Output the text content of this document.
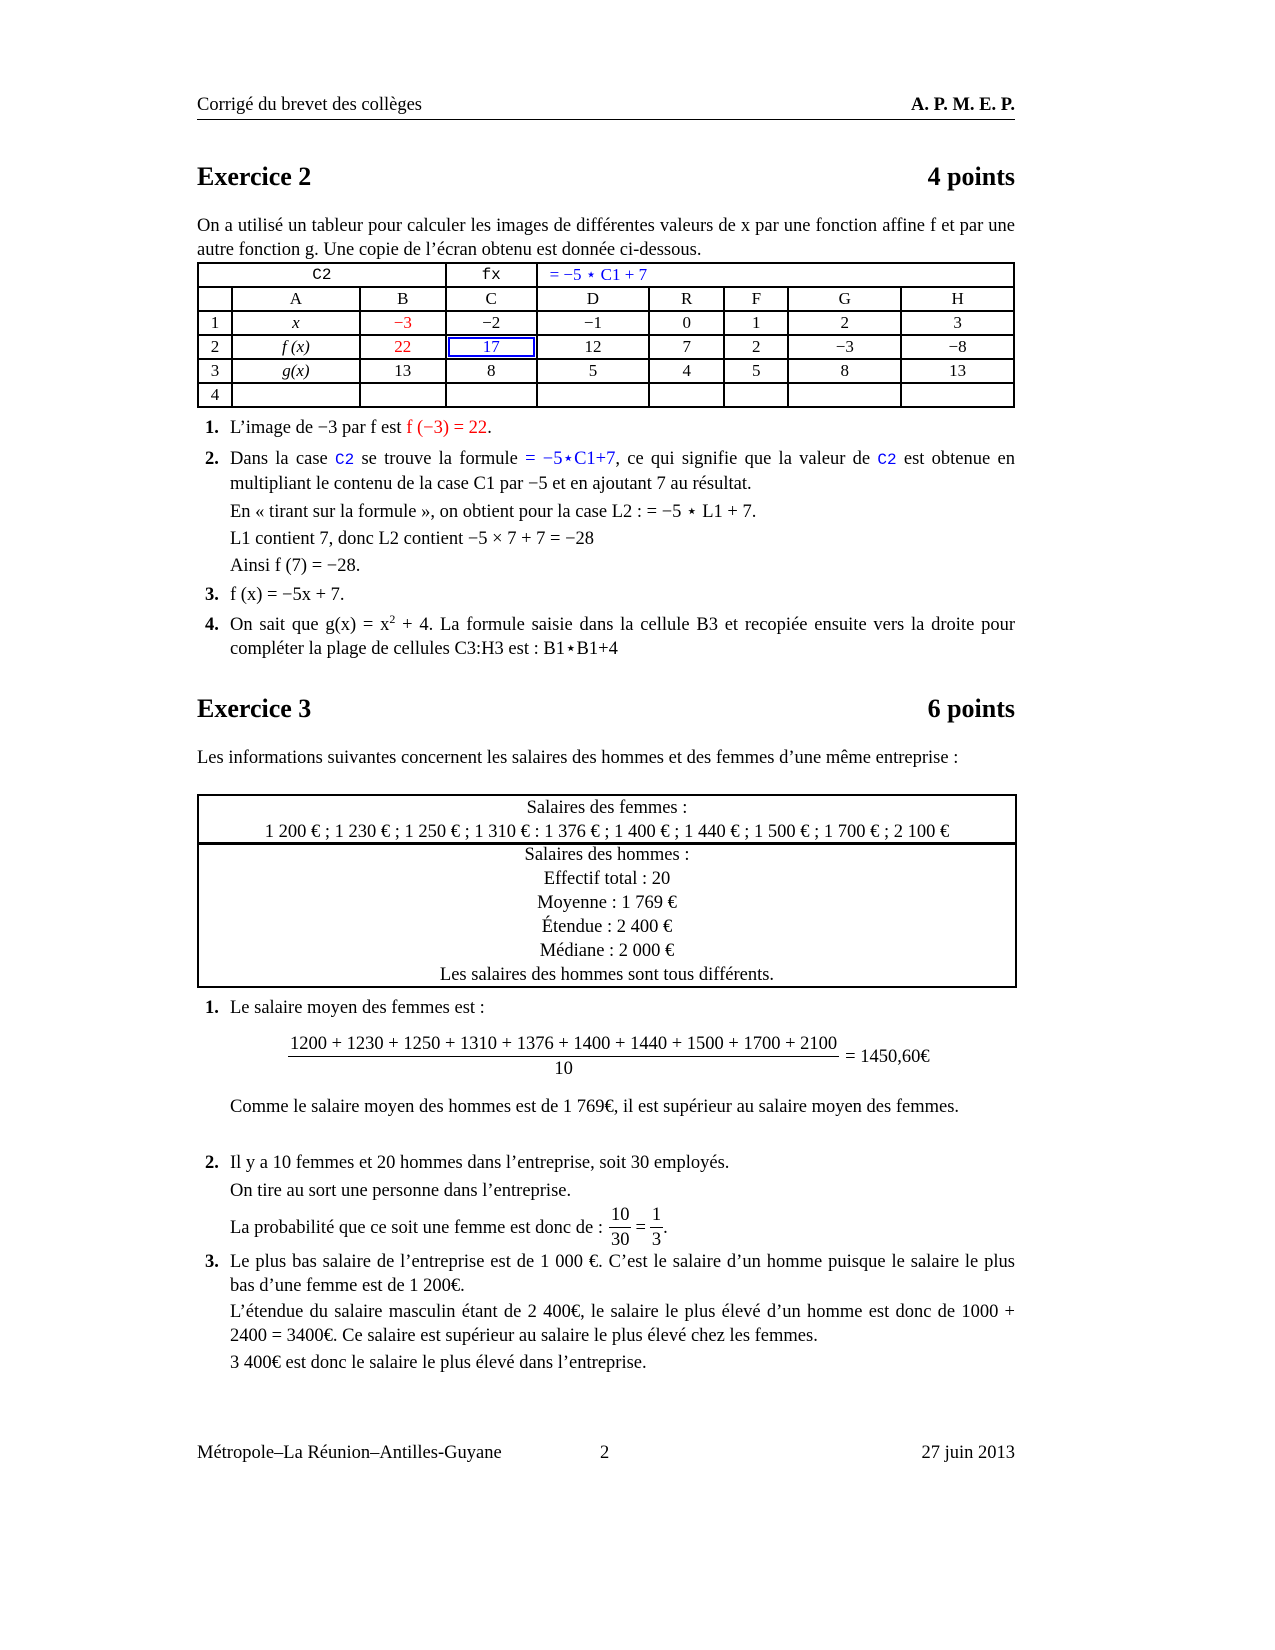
Corrigé du brevet des collèges	A. P. M. E. P.
Exercice 2	4 points
On a utilisé un tableur pour calculer les images de différentes valeurs de x par une fonction affine f et par une autre fonction g. Une copie de l’écran obtenu est donnée ci-dessous.
C2			fx	= −5 ⋆ C1 + 7				
	A	B	C	D	R	F	G	H
1	x	−3	−2	−1	0	1	2	3
2	f (x)	22	17	12	7	2	−3	−8
3	g(x)	13	8	5	4	5	8	13
4								
1. L’image de −3 par f est f (−3) = 22.
2. Dans la case C2 se trouve la formule = −5⋆C1+7, ce qui signifie que la valeur de C2 est obtenue en multipliant le contenu de la case C1 par −5 et en ajoutant 7 au résultat.
En « tirant sur la formule », on obtient pour la case L2 : = −5 ⋆ L1 + 7.
L1 contient 7, donc L2 contient −5 × 7 + 7 = −28
Ainsi f (7) = −28.
3. f (x) = −5x + 7.
4. On sait que $g(x) = x^2 + 4$. La formule saisie dans la cellule B3 et recopiée ensuite vers la droite pour compléter la plage de cellules C3:H3 est : B1⋆B1+4
Exercice 3	6 points
Les informations suivantes concernent les salaires des hommes et des femmes d’une même entreprise :
Salaires des femmes :
1 200 € ; 1 230 € ; 1 250 € ; 1 310 € : 1 376 € ; 1 400 € ; 1 440 € ; 1 500 € ; 1 700 € ; 2 100 €
Salaires des hommes :
Effectif total : 20
Moyenne : 1 769 €
Étendue : 2 400 €
Médiane : 2 000 €
Les salaires des hommes sont tous différents.
1. Le salaire moyen des femmes est :
1200 + 1230 + 1250 + 1310 + 1376 + 1400 + 1440 + 1500 + 1700 + 2100
10
= 1450,60€
Comme le salaire moyen des hommes est de 1 769€, il est supérieur au salaire moyen des femmes.
2. Il y a 10 femmes et 20 hommes dans l’entreprise, soit 30 employés.
On tire au sort une personne dans l’entreprise.
La probabilité que ce soit une femme est donc de : $\frac{10}{30} = \frac{1}{3}$ .
3. Le plus bas salaire de l’entreprise est de 1 000 €. C’est le salaire d’un homme puisque le salaire le plus bas d’une femme est de 1 200€.
L’étendue du salaire masculin étant de 2 400€, le salaire le plus élevé d’un homme est donc de 1000 + 2400 = 3400€. Ce salaire est supérieur au salaire le plus élevé chez les femmes.
3 400€ est donc le salaire le plus élevé dans l’entreprise.
Métropole–La Réunion–Antilles-Guyane	2	27 juin 2013
